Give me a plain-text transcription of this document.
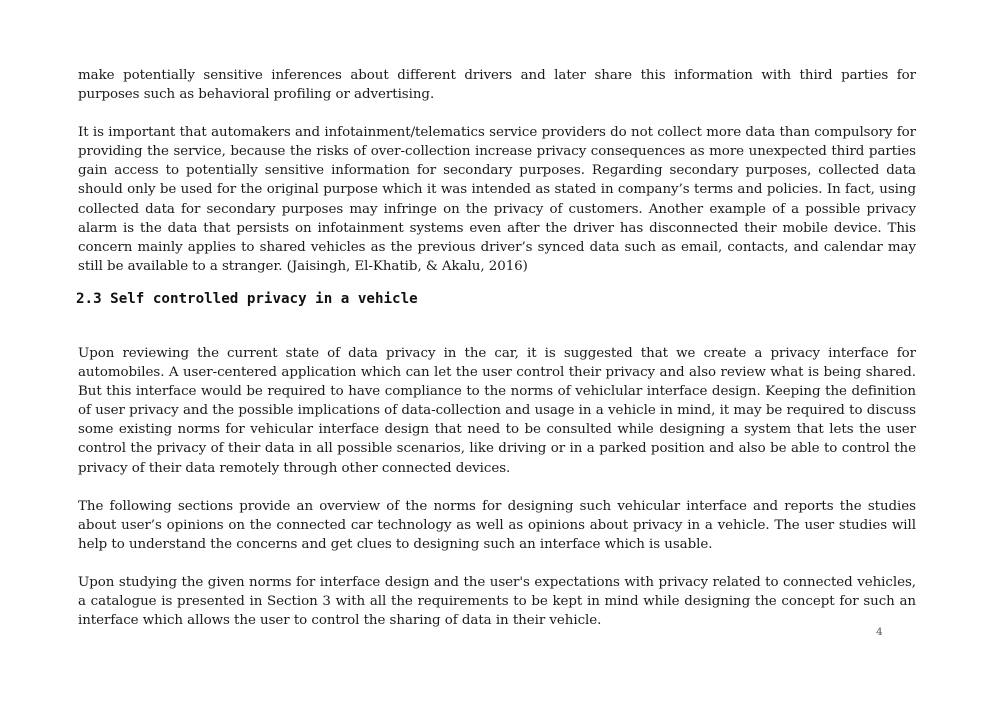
make potentially sensitive inferences about different drivers and later share this information with third parties for purposes such as behavioral profiling or advertising.

It is important that automakers and infotainment/telematics service providers do not collect more data than compulsory for providing the service, because the risks of over-collection increase privacy consequences as more unexpected third parties gain access to potentially sensitive information for secondary purposes. Regarding secondary purposes, collected data should only be used for the original purpose which it was intended as stated in company’s terms and policies. In fact, using collected data for secondary purposes may infringe on the privacy of customers. Another example of a possible privacy alarm is the data that persists on infotainment systems even after the driver has disconnected their mobile device. This concern mainly applies to shared vehicles as the previous driver’s synced data such as email, contacts, and calendar may still be available to a stranger. (Jaisingh, El-Khatib, & Akalu, 2016)

2.3 Self controlled privacy in a vehicle

Upon reviewing the current state of data privacy in the car, it is suggested that we create a privacy interface for automobiles. A user-centered application which can let the user control their privacy and also review what is being shared. But this interface would be required to have compliance to the norms of vehiclular interface design. Keeping the definition of user privacy and the possible implications of data-collection and usage in a vehicle in mind, it may be required to discuss some existing norms for vehicular interface design that need to be consulted while designing a system that lets the user control the privacy of their data in all possible scenarios, like driving or in a parked position and also be able to control the privacy of their data remotely through other connected devices.

The following sections provide an overview of the norms for designing such vehicular interface and reports the studies about user’s opinions on the connected car technology as well as opinions about privacy in a vehicle. The user studies will help to understand the concerns and get clues to designing such an interface which is usable.

Upon studying the given norms for interface design and the user's expectations with privacy related to connected vehicles, a catalogue is presented in Section 3 with all the requirements to be kept in mind while designing the concept for such an interface which allows the user to control the sharing of data in their vehicle.

4
